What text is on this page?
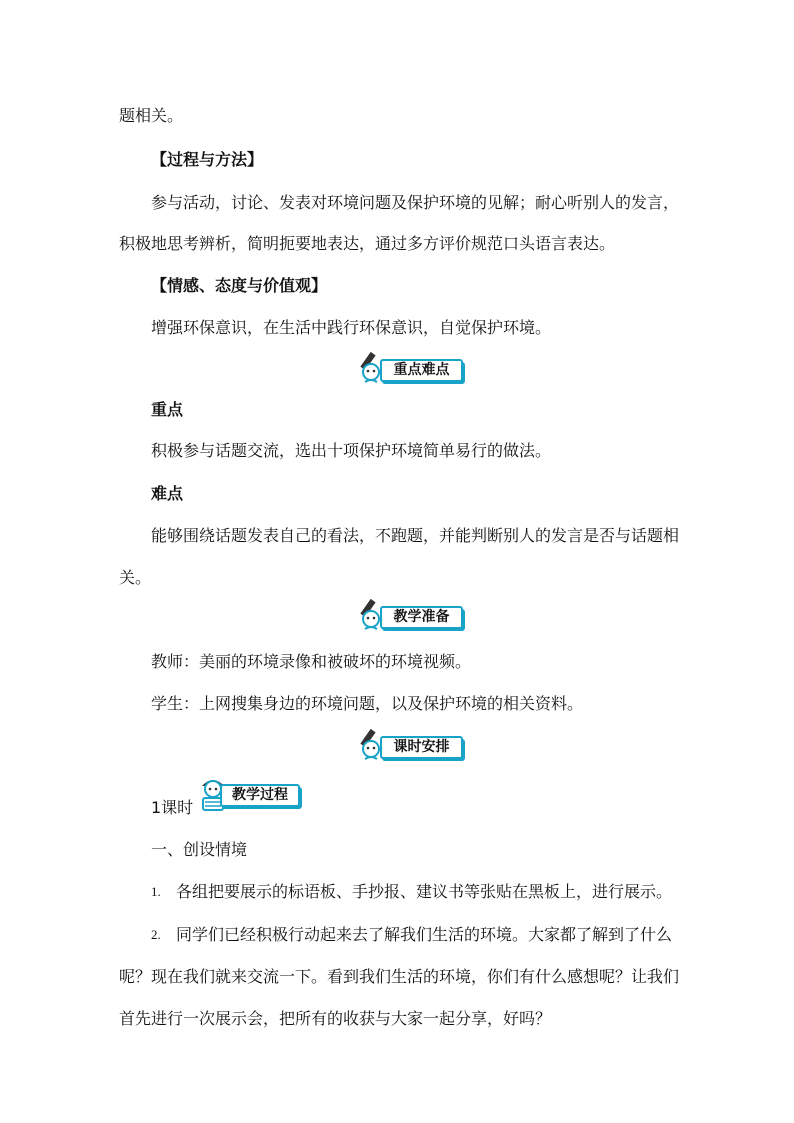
题相关。
【过程与方法】
参与活动，讨论、发表对环境问题及保护环境的见解；耐心听别人的发言，
积极地思考辨析，简明扼要地表达，通过多方评价规范口头语言表达。
【情感、态度与价值观】
增强环保意识，在生活中践行环保意识，自觉保护环境。
重点难点
重点
积极参与话题交流，选出十项保护环境简单易行的做法。
难点
能够围绕话题发表自己的看法，不跑题，并能判断别人的发言是否与话题相
关。
教学准备
教师：美丽的环境录像和被破坏的环境视频。
学生：上网搜集身边的环境问题，以及保护环境的相关资料。
课时安排
1课时
教学过程
一、创设情境
1. 各组把要展示的标语板、手抄报、建议书等张贴在黑板上，进行展示。
2. 同学们已经积极行动起来去了解我们生活的环境。大家都了解到了什么
呢？现在我们就来交流一下。看到我们生活的环境，你们有什么感想呢？让我们
首先进行一次展示会，把所有的收获与大家一起分享，好吗？
